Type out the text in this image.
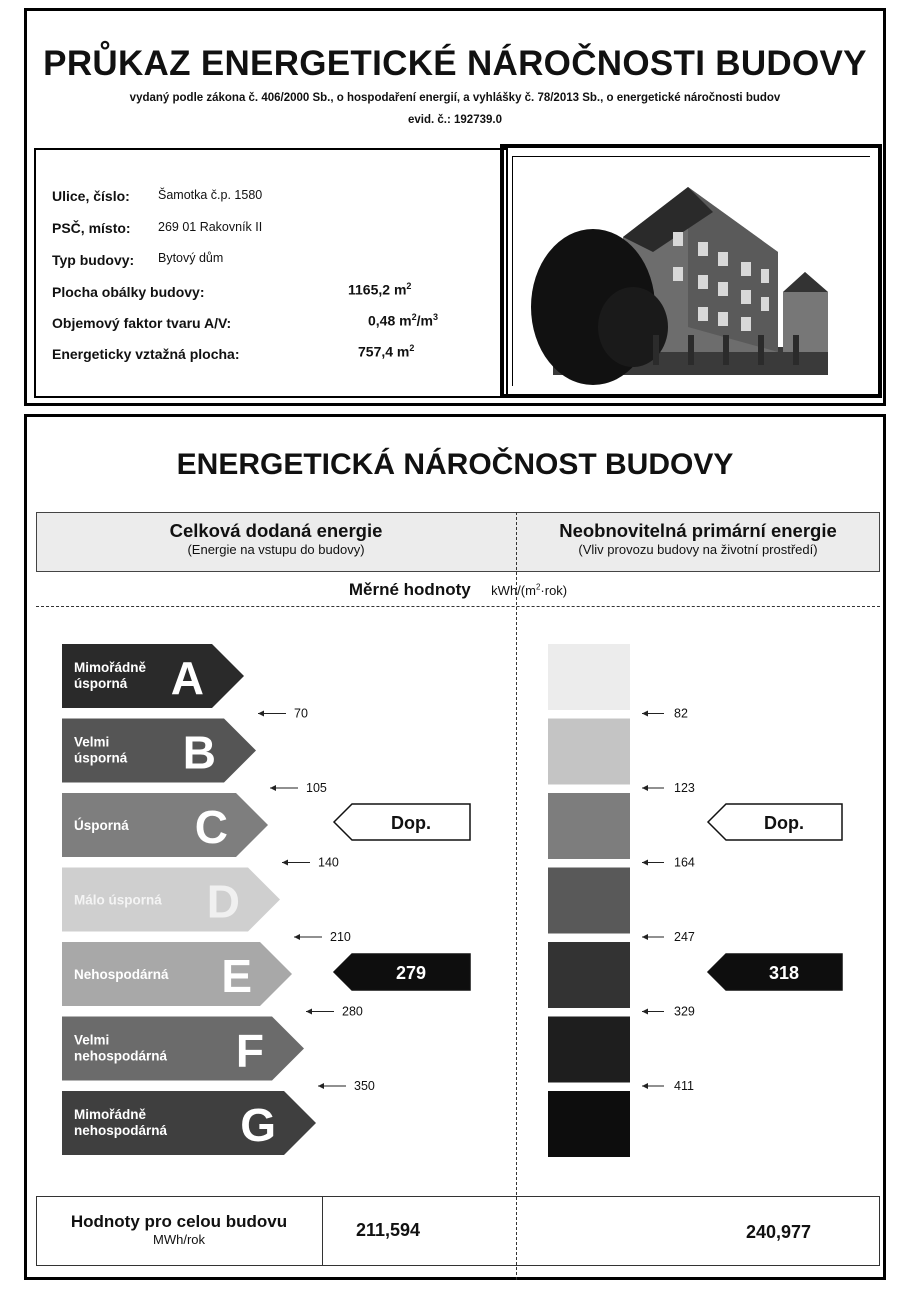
PRŮKAZ ENERGETICKÉ NÁROČNOSTI BUDOVY
vydaný podle zákona č. 406/2000 Sb., o hospodaření energií, a vyhlášky č. 78/2013 Sb., o energetické náročnosti budov
evid. č.: 192739.0
Ulice, číslo: Šamotka č.p. 1580
PSČ, místo: 269 01 Rakovník II
Typ budovy: Bytový dům
Plocha obálky budovy:	1165,2 $m^2$
Objemový faktor tvaru A/V:	0,48 $m^2/m^3$
Energeticky vztažná plocha:	757,4 $m^2$
ENERGETICKÁ NÁROČNOST BUDOVY
Celková dodaná energie
(Energie na vstupu do budovy)
Neobnovitelná primární energie
(Vliv provozu budovy na životní prostředí)
Měrné hodnoty kWh/$(m^2\cdot rok)$
Mimořádně
úsporná A
Velmi
úsporná B
Úsporná C
Málo úsporná D
Nehospodárná E
Velmi
nehospodárná F
Mimořádně
nehospodárná G
70
105
140
210
280
350
Dop.
279
82
123
164
247
329
411
Dop.
318
Hodnoty pro celou budovu
MWh/rok	211,594	240,977
